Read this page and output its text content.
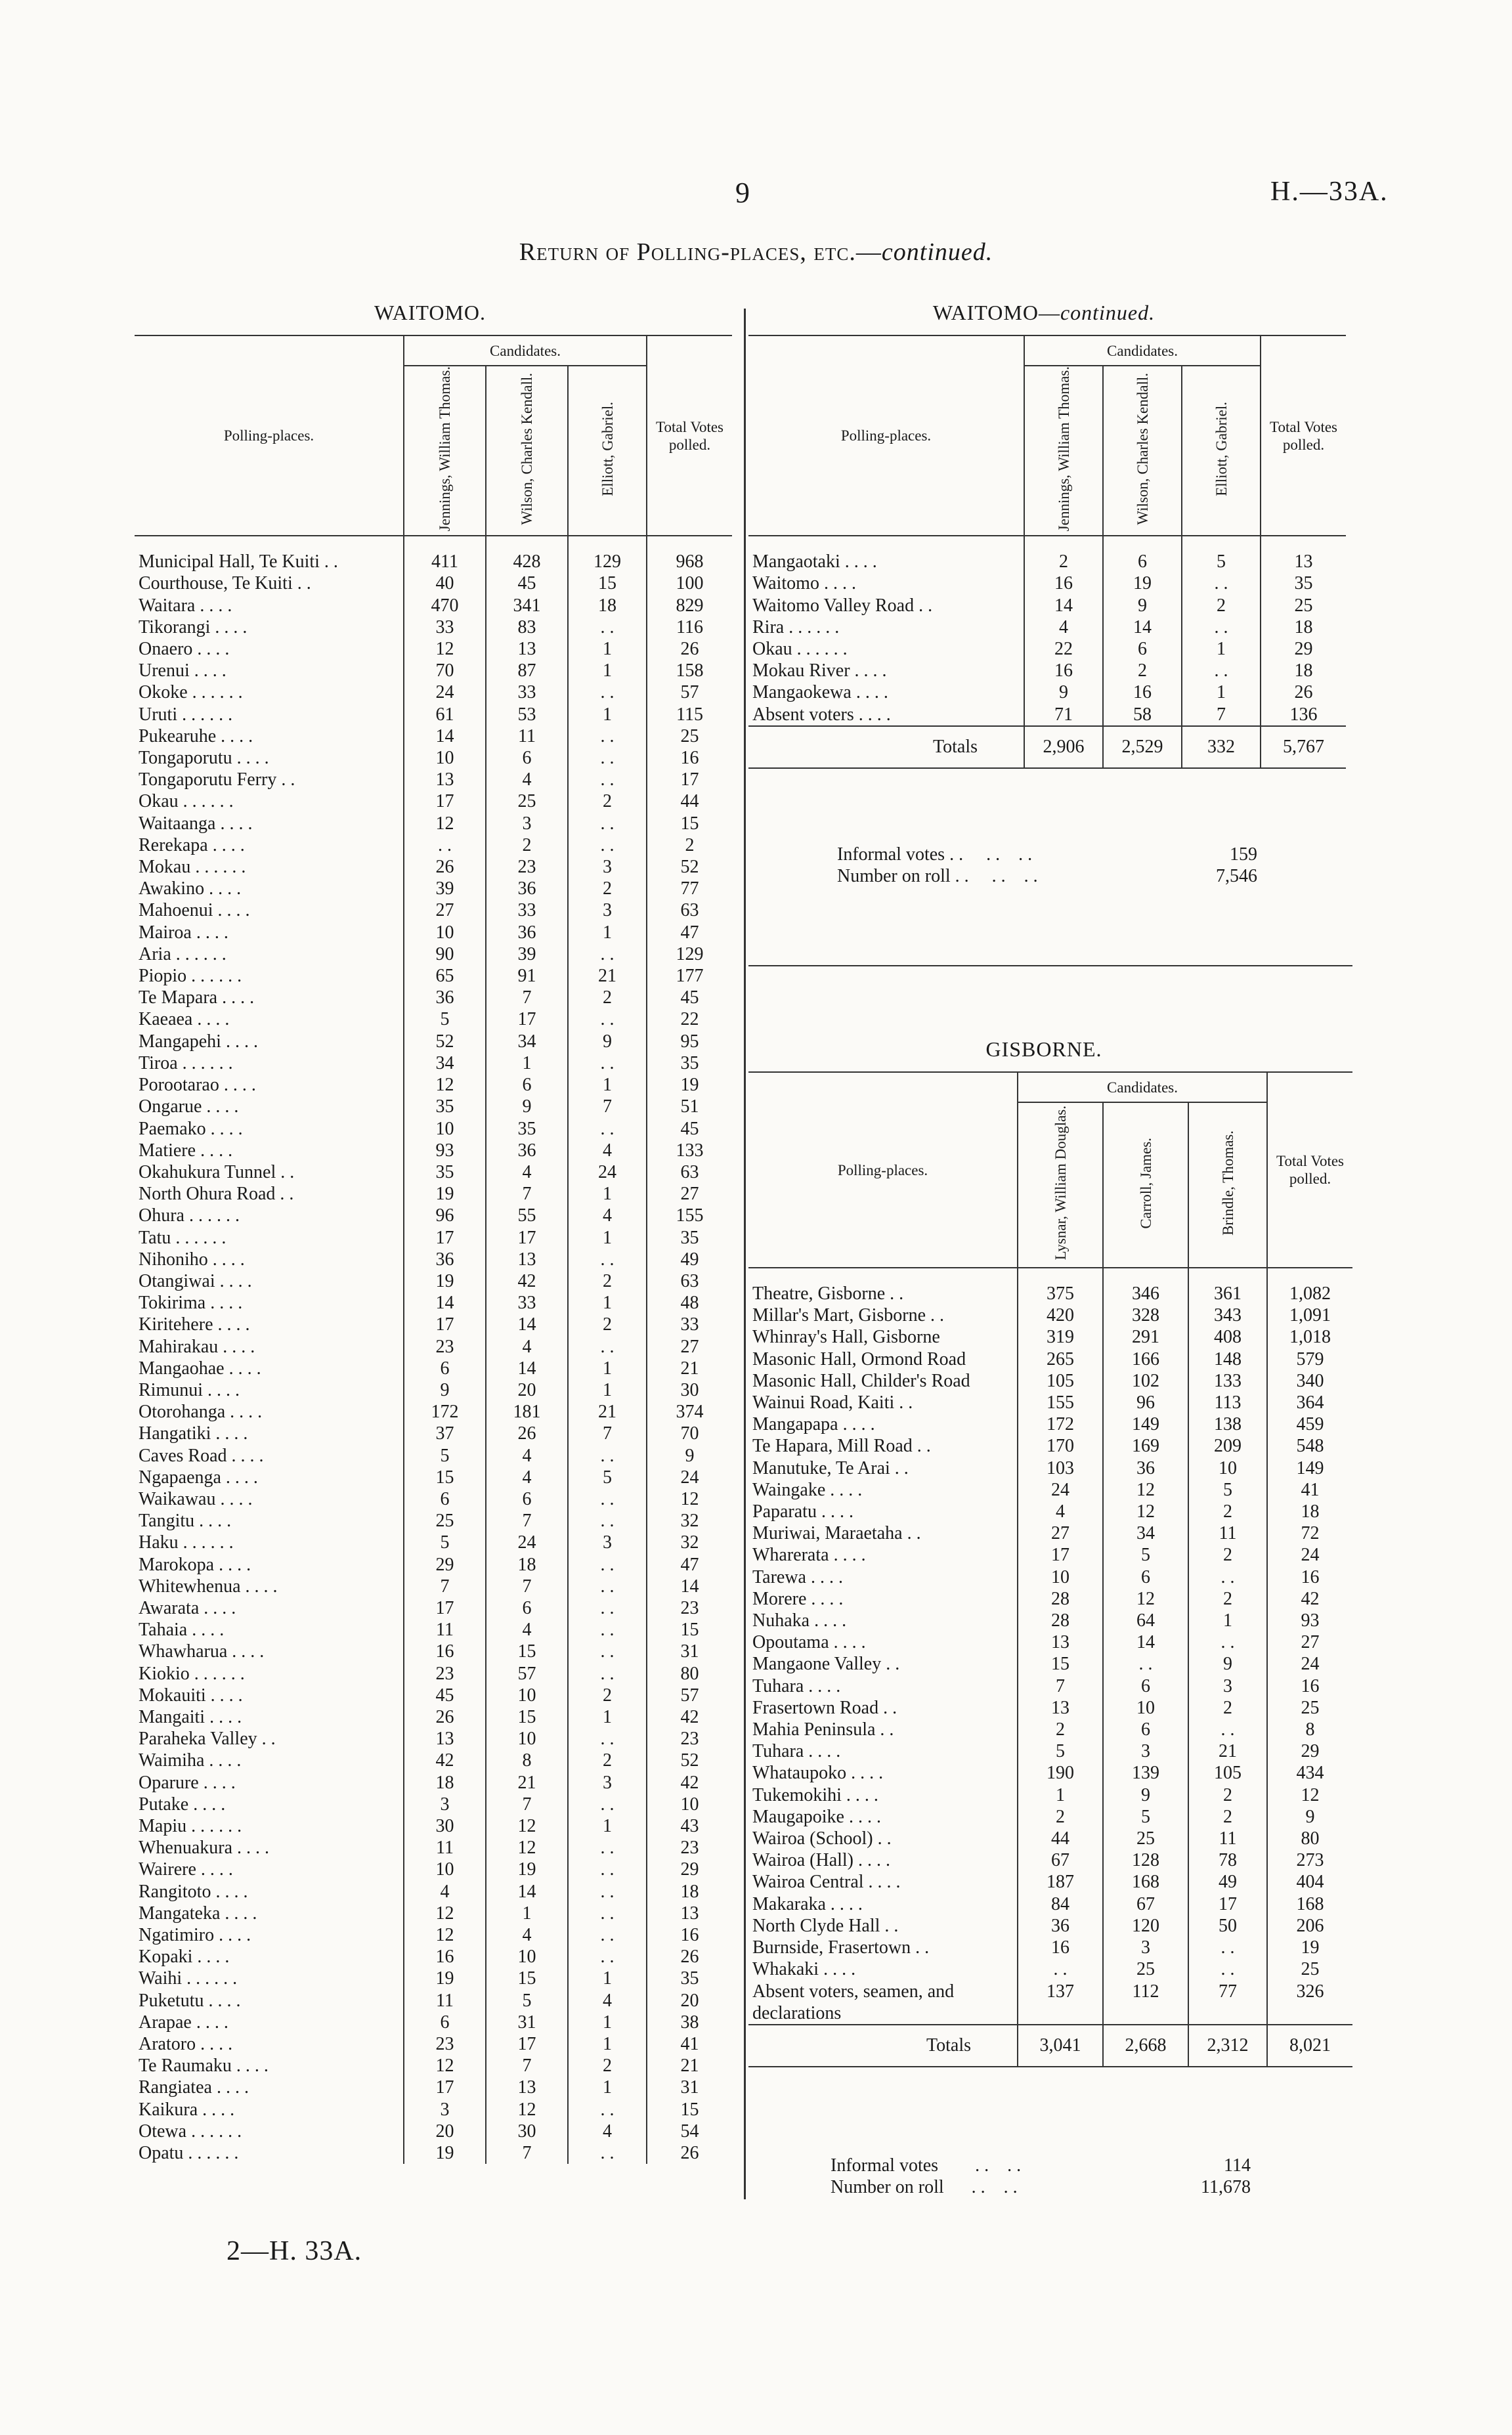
9	H.—33A.
Return of Polling-places, etc.—continued.
WAITOMO.	WAITOMO—continued.
Polling-places.	Candidates.			Total Votes polled.
	Jennings, William Thomas.	Wilson, Charles Kendall.	Elliott, Gabriel.	
Municipal Hall, Te Kuiti . .	411	428	129	968
Courthouse, Te Kuiti . .	40	45	15	100
Waitara . . . .	470	341	18	829
Tikorangi . . . .	33	83	. .	116
Onaero . . . .	12	13	1	26
Urenui . . . .	70	87	1	158
Okoke . . . . . .	24	33	. .	57
Uruti . . . . . .	61	53	1	115
Pukearuhe . . . .	14	11	. .	25
Tongaporutu . . . .	10	6	. .	16
Tongaporutu Ferry . .	13	4	. .	17
Okau . . . . . .	17	25	2	44
Waitaanga . . . .	12	3	. .	15
Rerekapa . . . .	. .	2	. .	2
Mokau . . . . . .	26	23	3	52
Awakino . . . .	39	36	2	77
Mahoenui . . . .	27	33	3	63
Mairoa . . . .	10	36	1	47
Aria . . . . . .	90	39	. .	129
Piopio . . . . . .	65	91	21	177
Te Mapara . . . .	36	7	2	45
Kaeaea . . . .	5	17	. .	22
Mangapehi . . . .	52	34	9	95
Tiroa . . . . . .	34	1	. .	35
Porootarao . . . .	12	6	1	19
Ongarue . . . .	35	9	7	51
Paemako . . . .	10	35	. .	45
Matiere . . . .	93	36	4	133
Okahukura Tunnel . .	35	4	24	63
North Ohura Road . .	19	7	1	27
Ohura . . . . . .	96	55	4	155
Tatu . . . . . .	17	17	1	35
Nihoniho . . . .	36	13	. .	49
Otangiwai . . . .	19	42	2	63
Tokirima . . . .	14	33	1	48
Kiritehere . . . .	17	14	2	33
Mahirakau . . . .	23	4	. .	27
Mangaohae . . . .	6	14	1	21
Rimunui . . . .	9	20	1	30
Otorohanga . . . .	172	181	21	374
Hangatiki . . . .	37	26	7	70
Caves Road . . . .	5	4	. .	9
Ngapaenga . . . .	15	4	5	24
Waikawau . . . .	6	6	. .	12
Tangitu . . . .	25	7	. .	32
Haku . . . . . .	5	24	3	32
Marokopa . . . .	29	18	. .	47
Whitewhenua . . . .	7	7	. .	14
Awarata . . . .	17	6	. .	23
Tahaia . . . .	11	4	. .	15
Whawharua . . . .	16	15	. .	31
Kiokio . . . . . .	23	57	. .	80
Mokauiti . . . .	45	10	2	57
Mangaiti . . . .	26	15	1	42
Paraheka Valley . .	13	10	. .	23
Waimiha . . . .	42	8	2	52
Oparure . . . .	18	21	3	42
Putake . . . .	3	7	. .	10
Mapiu . . . . . .	30	12	1	43
Whenuakura . . . .	11	12	. .	23
Wairere . . . .	10	19	. .	29
Rangitoto . . . .	4	14	. .	18
Mangateka . . . .	12	1	. .	13
Ngatimiro . . . .	12	4	. .	16
Kopaki . . . .	16	10	. .	26
Waihi . . . . . .	19	15	1	35
Puketutu . . . .	11	5	4	20
Arapae . . . .	6	31	1	38
Aratoro . . . .	23	17	1	41
Te Raumaku . . . .	12	7	2	21
Rangiatea . . . .	17	13	1	31
Kaikura . . . .	3	12	. .	15
Otewa . . . . . .	20	30	4	54
Opatu . . . . . .	19	7	. .	26
Polling-places.	Candidates.			Total Votes polled.
	Jennings, William Thomas.	Wilson, Charles Kendall.	Elliott, Gabriel.	
Mangaotaki . . . .	2	6	5	13
Waitomo . . . .	16	19	. .	35
Waitomo Valley Road . .	14	9	2	25
Rira . . . . . .	4	14	. .	18
Okau . . . . . .	22	6	1	29
Mokau River . . . .	16	2	. .	18
Mangaokewa . . . .	9	16	1	26
Absent voters . . . .	71	58	7	136
Totals	2,906	2,529	332	5,767
Informal votes . .     . .    . .	159
Number on roll . .     . .    . .	7,546
GISBORNE.
Polling-places.	Candidates.			Total Votes polled.
	Lysnar, William Douglas.	Carroll, James.	Brindle, Thomas.	
Theatre, Gisborne . .	375	346	361	1,082
Millar's Mart, Gisborne . .	420	328	343	1,091
Whinray's Hall, Gisborne	319	291	408	1,018
Masonic Hall, Ormond Road	265	166	148	579
Masonic Hall, Childer's Road	105	102	133	340
Wainui Road, Kaiti . .	155	96	113	364
Mangapapa . . . .	172	149	138	459
Te Hapara, Mill Road . .	170	169	209	548
Manutuke, Te Arai . .	103	36	10	149
Waingake . . . .	24	12	5	41
Paparatu . . . .	4	12	2	18
Muriwai, Maraetaha . .	27	34	11	72
Wharerata . . . .	17	5	2	24
Tarewa . . . .	10	6	. .	16
Morere . . . .	28	12	2	42
Nuhaka . . . .	28	64	1	93
Opoutama . . . .	13	14	. .	27
Mangaone Valley . .	15	. .	9	24
Tuhara . . . .	7	6	3	16
Frasertown Road . .	13	10	2	25
Mahia Peninsula . .	2	6	. .	8
Tuhara . . . .	5	3	21	29
Whataupoko . . . .	190	139	105	434
Tukemokihi . . . .	1	9	2	12
Maugapoike . . . .	2	5	2	9
Wairoa (School) . .	44	25	11	80
Wairoa (Hall) . . . .	67	128	78	273
Wairoa Central . . . .	187	168	49	404
Makaraka . . . .	84	67	17	168
North Clyde Hall . .	36	120	50	206
Burnside, Frasertown . .	16	3	. .	19
Whakaki . . . .	. .	25	. .	25
Absent voters, seamen, and	137	112	77	326
declarations				
Totals	3,041	2,668	2,312	8,021
Informal votes        . .    . .	114
Number on roll      . .    . .	11,678
2—H. 33A.
